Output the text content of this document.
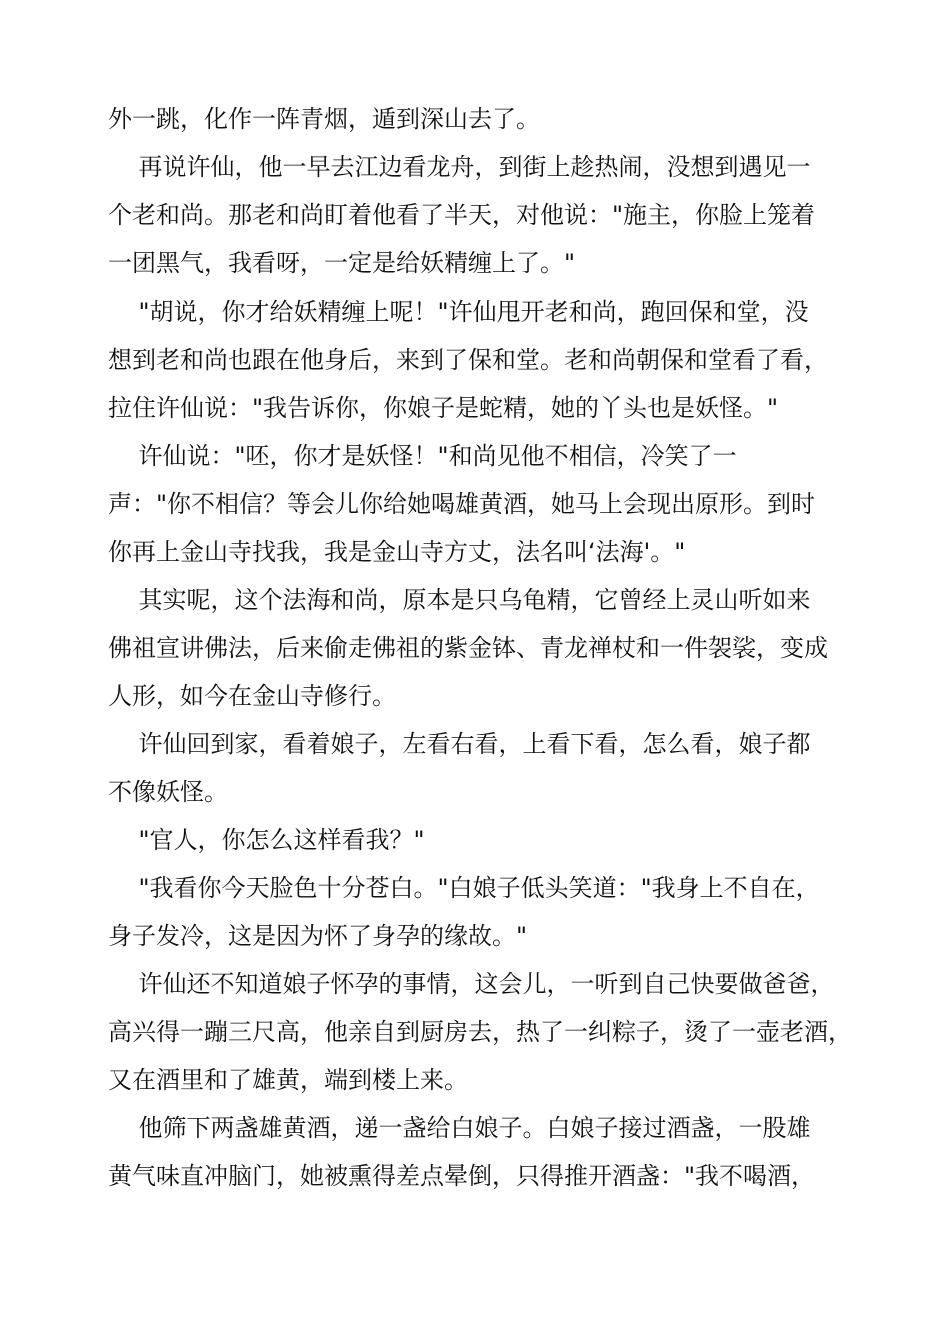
外一跳，化作一阵青烟，遁到深山去了。
再说许仙，他一早去江边看龙舟，到街上趁热闹，没想到遇见一
个老和尚。那老和尚盯着他看了半天，对他说："施主，你脸上笼着
一团黑气，我看呀，一定是给妖精缠上了。"
"胡说，你才给妖精缠上呢！"许仙甩开老和尚，跑回保和堂，没
想到老和尚也跟在他身后，来到了保和堂。老和尚朝保和堂看了看，
拉住许仙说："我告诉你，你娘子是蛇精，她的丫头也是妖怪。"
许仙说："呸，你才是妖怪！"和尚见他不相信，冷笑了一
声："你不相信？等会儿你给她喝雄黄酒，她马上会现出原形。到时
你再上金山寺找我，我是金山寺方丈，法名叫‘法海'。"
其实呢，这个法海和尚，原本是只乌龟精，它曾经上灵山听如来
佛祖宣讲佛法，后来偷走佛祖的紫金钵、青龙禅杖和一件袈裟，变成
人形，如今在金山寺修行。
许仙回到家，看着娘子，左看右看，上看下看，怎么看，娘子都
不像妖怪。
"官人，你怎么这样看我？"
"我看你今天脸色十分苍白。"白娘子低头笑道："我身上不自在，
身子发冷，这是因为怀了身孕的缘故。"
许仙还不知道娘子怀孕的事情，这会儿，一听到自己快要做爸爸，
高兴得一蹦三尺高，他亲自到厨房去，热了一纠粽子，烫了一壶老酒，
又在酒里和了雄黄，端到楼上来。
他筛下两盏雄黄酒，递一盏给白娘子。白娘子接过酒盏，一股雄
黄气味直冲脑门，她被熏得差点晕倒，只得推开酒盏："我不喝酒，
